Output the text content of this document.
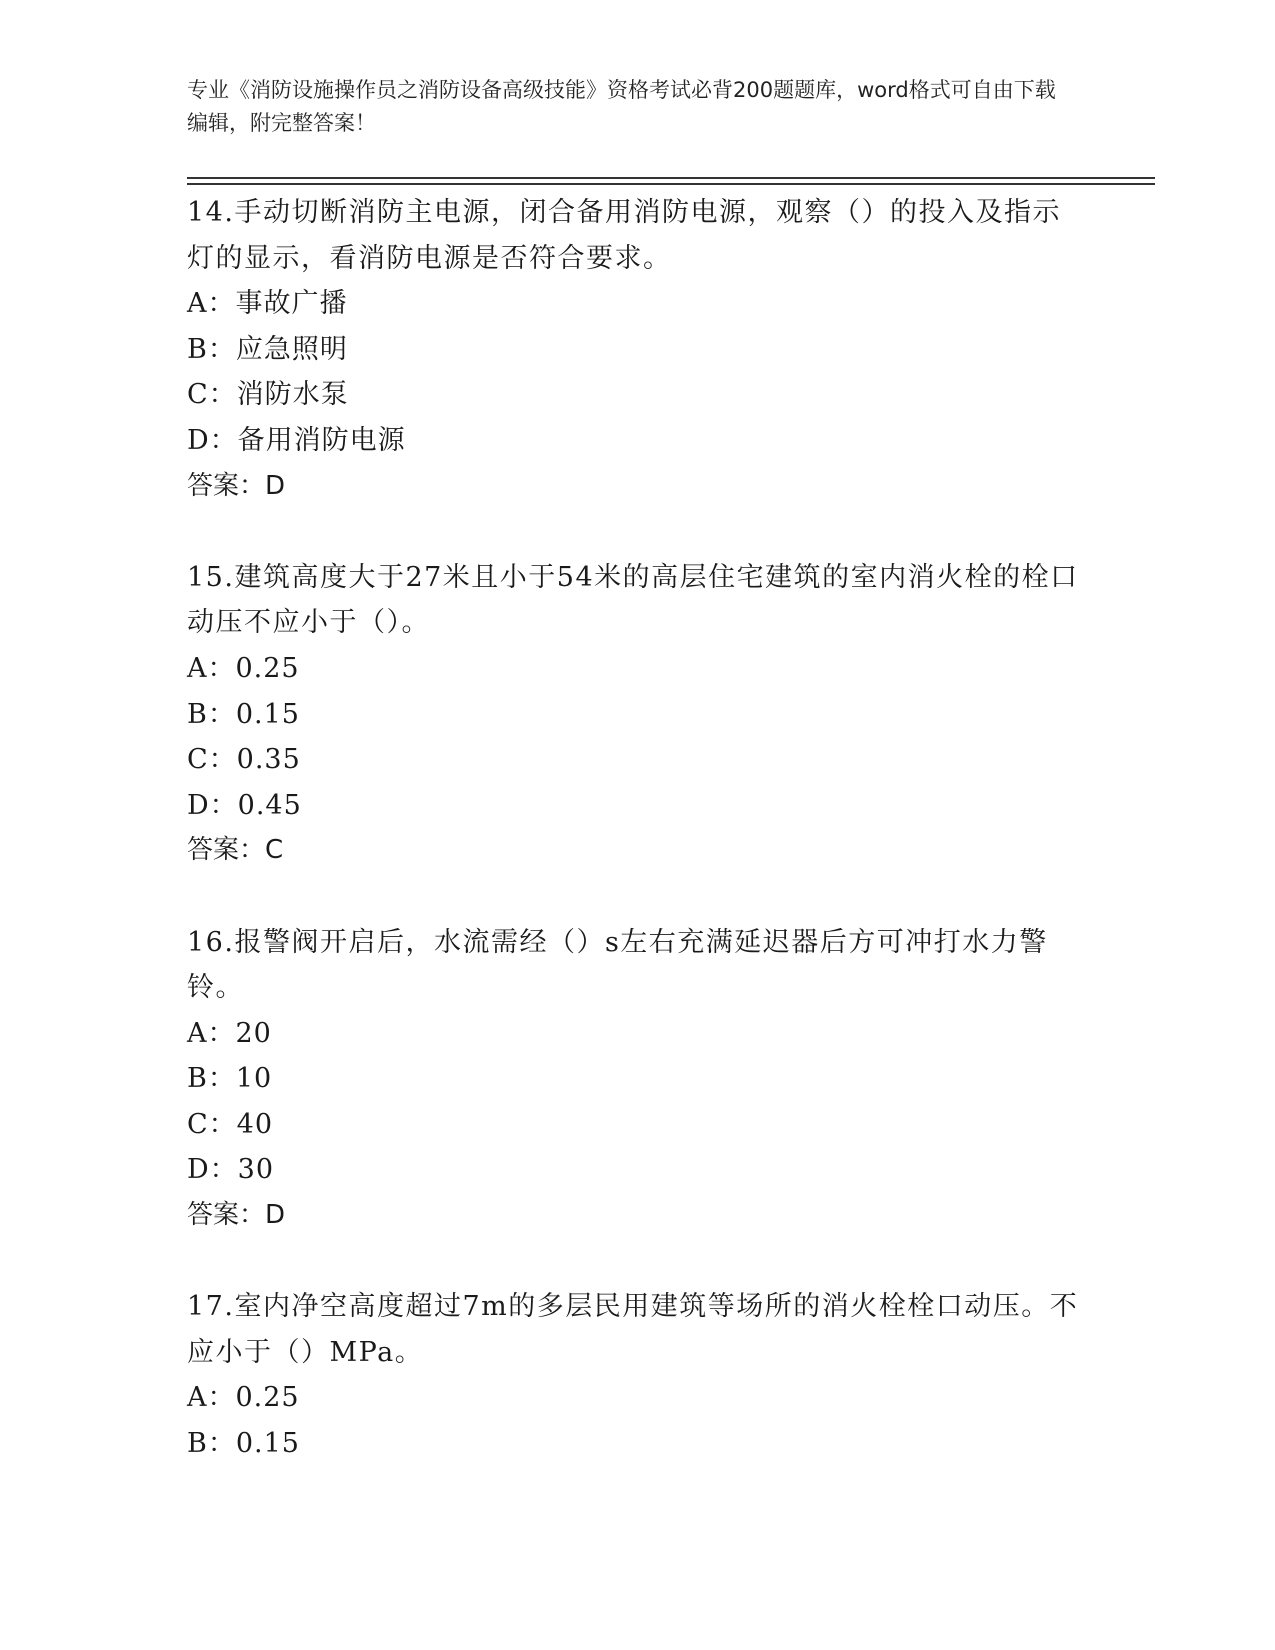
专业《消防设施操作员之消防设备高级技能》资格考试必背200题题库，word格式可自由下载编辑，附完整答案！

14.手动切断消防主电源，闭合备用消防电源，观察（）的投入及指示灯的显示，看消防电源是否符合要求。

A：事故广播
B：应急照明
C：消防水泵
D：备用消防电源

答案：D

15.建筑高度大于27米且小于54米的高层住宅建筑的室内消火栓的栓口动压不应小于（）。

A：0.25
B：0.15
C：0.35
D：0.45

答案：C

16.报警阀开启后，水流需经（）s左右充满延迟器后方可冲打水力警铃。

A：20
B：10
C：40
D：30

答案：D

17.室内净空高度超过7m的多层民用建筑等场所的消火栓栓口动压。不应小于（）MPa。

A：0.25
B：0.15
